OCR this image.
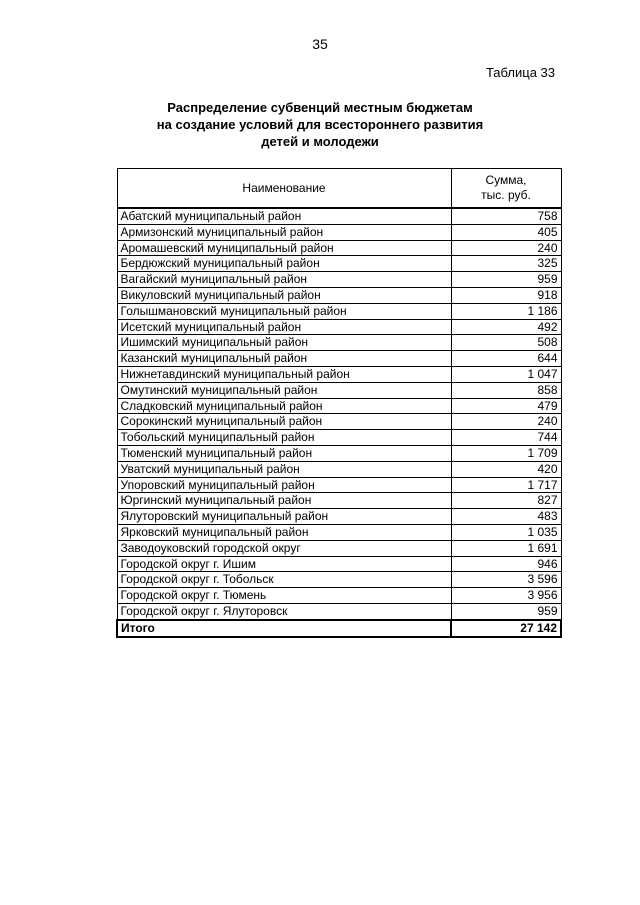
35
Таблица 33
Распределение субвенций местным бюджетам
на создание условий для всестороннего развития
детей и молодежи
Наименование	Сумма,
тыс. руб.
Абатский муниципальный район	758
Армизонский муниципальный район	405
Аромашевский муниципальный район	240
Бердюжский муниципальный район	325
Вагайский муниципальный район	959
Викуловский муниципальный район	918
Голышмановский муниципальный район	1 186
Исетский муниципальный район	492
Ишимский муниципальный район	508
Казанский муниципальный район	644
Нижнетавдинский муниципальный район	1 047
Омутинский муниципальный район	858
Сладковский муниципальный район	479
Сорокинский муниципальный район	240
Тобольский муниципальный район	744
Тюменский муниципальный район	1 709
Уватский муниципальный район	420
Упоровский муниципальный район	1 717
Юргинский муниципальный район	827
Ялуторовский муниципальный район	483
Ярковский муниципальный район	1 035
Заводоуковский городской округ	1 691
Городской округ г. Ишим	946
Городской округ г. Тобольск	3 596
Городской округ г. Тюмень	3 956
Городской округ г. Ялуторовск	959
Итого	27 142
